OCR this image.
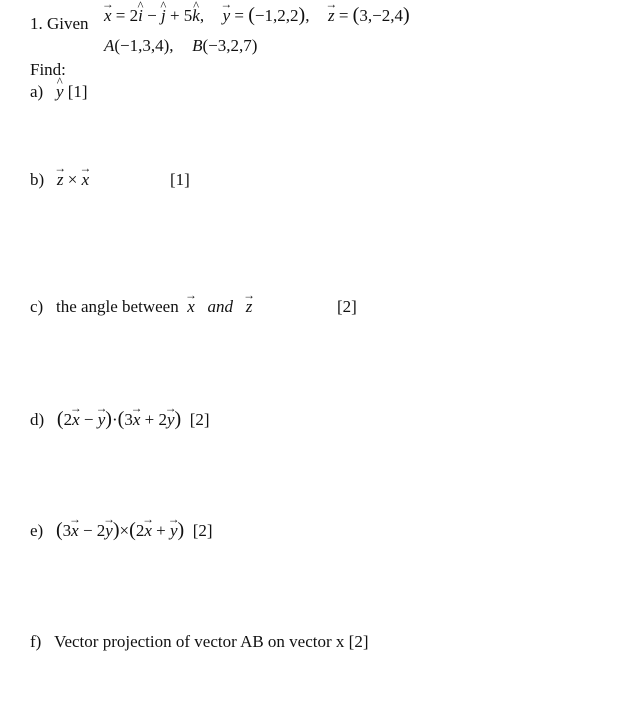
1. Given → x = 2^ i − ^ j + 5^ k, → y = (−1,2,2), → z = (3,−2,4)
A(−1,3,4), B(−3,2,7)
Find:
a) ^ y [1]
b) → z × → x	[1]
c) the angle between → x   and   → z	[2]
d) (2→ x − → y)·(3→ x + 2→ y) [2]
e) (3→ x − 2→ y)×(2→ x + → y) [2]
f) Vector projection of vector AB on vector x [2]
